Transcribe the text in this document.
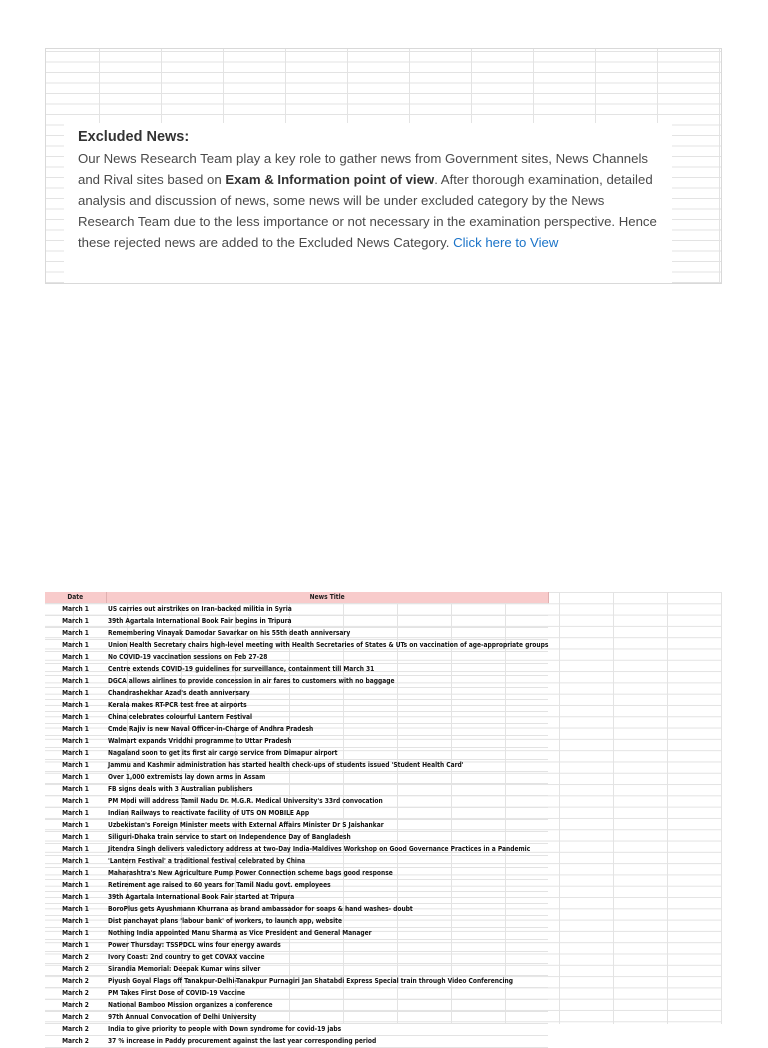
Excluded News:

Our News Research Team play a key role to gather news from Government sites, News Channels and Rival sites based on Exam & Information point of view. After thorough examination, detailed analysis and discussion of news, some news will be under excluded category by the News Research Team due to the less importance or not necessary in the examination perspective. Hence these rejected news are added to the Excluded News Category. Click here to View

Date	News Title
March 1	US carries out airstrikes on Iran-backed militia in Syria
March 1	39th Agartala International Book Fair begins in Tripura
March 1	Remembering Vinayak Damodar Savarkar on his 55th death anniversary
March 1	Union Health Secretary chairs high-level meeting with Health Secretaries of States & UTs on vaccination of age-appropriate groups
March 1	No COVID-19 vaccination sessions on Feb 27-28
March 1	Centre extends COVID-19 guidelines for surveillance, containment till March 31
March 1	DGCA allows airlines to provide concession in air fares to customers with no baggage
March 1	Chandrashekhar Azad's death anniversary
March 1	Kerala makes RT-PCR test free at airports
March 1	China celebrates colourful Lantern Festival
March 1	Cmde Rajiv is new Naval Officer-in-Charge of Andhra Pradesh
March 1	Walmart expands Vriddhi programme to Uttar Pradesh
March 1	Nagaland soon to get its first air cargo service from Dimapur airport
March 1	Jammu and Kashmir administration has started health check-ups of students issued 'Student Health Card'
March 1	Over 1,000 extremists lay down arms in Assam
March 1	FB signs deals with 3 Australian publishers
March 1	PM Modi will address Tamil Nadu Dr. M.G.R. Medical University's 33rd convocation
March 1	Indian Railways to reactivate facility of UTS ON MOBILE App
March 1	Uzbekistan's Foreign Minister meets with External Affairs Minister Dr S Jaishankar
March 1	Siliguri-Dhaka train service to start on Independence Day of Bangladesh
March 1	Jitendra Singh delivers valedictory address at two-Day India-Maldives Workshop on Good Governance Practices in a Pandemic
March 1	'Lantern Festival' a traditional festival celebrated by China
March 1	Maharashtra's New Agriculture Pump Power Connection scheme bags good response
March 1	Retirement age raised to 60 years for Tamil Nadu govt. employees
March 1	39th Agartala International Book Fair started at Tripura
March 1	BoroPlus gets Ayushmann Khurrana as brand ambassador for soaps & hand washes- doubt
March 1	Dist panchayat plans 'labour bank' of workers, to launch app, website
March 1	Nothing India appointed Manu Sharma as Vice President and General Manager
March 1	Power Thursday: TSSPDCL wins four energy awards
March 2	Ivory Coast: 2nd country to get COVAX vaccine
March 2	Sirandia Memorial: Deepak Kumar wins silver
March 2	Piyush Goyal Flags off Tanakpur-Delhi-Tanakpur Purnagiri Jan Shatabdi Express Special train through Video Conferencing
March 2	PM Takes First Dose of COVID-19 Vaccine
March 2	National Bamboo Mission organizes a conference
March 2	97th Annual Convocation of Delhi University
March 2	India to give priority to people with Down syndrome for covid-19 jabs
March 2	37 % increase in Paddy procurement against the last year corresponding period
